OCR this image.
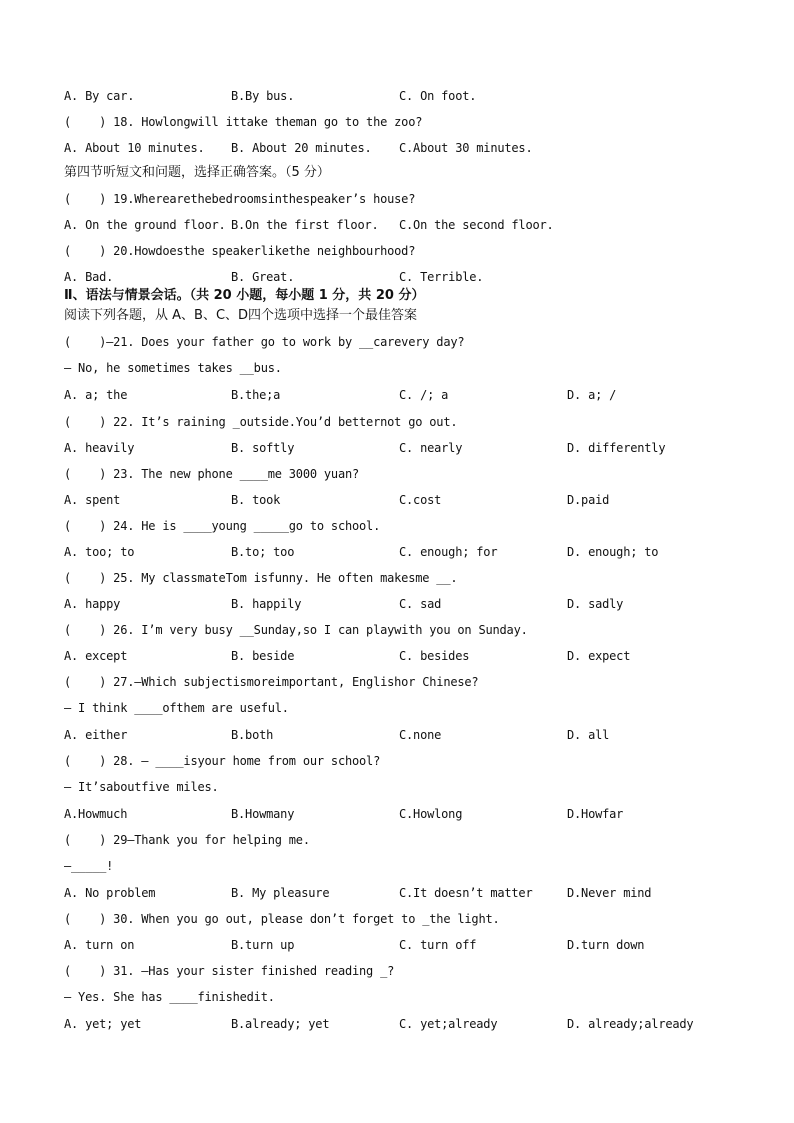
A. By car.

	B.By bus.

	C. On foot.

(    ) 18. Howlongwill ittake theman go to the zoo?

A. About 10 minutes.

B. About 20 minutes.

C.About 30 minutes.

第四节听短文和问题，选择正确答案。（5 分）
(    ) 19.Wherearethebedroomsinthespeaker’s house?

A. On the ground floor.

B.On the first floor.

C.On the second floor.

(    ) 20.Howdoesthe speakerlikethe neighbourhood?

A. Bad.

	B. Great.

	C. Terrible.

Ⅱ、语法与情景会话。（共 20 小题，每小题 1 分，共 20 分）
阅读下列各题，从 A、B、C、D四个选项中选择一个最佳答案
(    )—21. Does your father go to work by __carevery day?
— No, he sometimes takes __bus.

A. a; the

	B.the;a

	C. /; a

	D. a; /

(    ) 22. It’s raining _outside.You’d betternot go out.

A. heavily

	B. softly

	C. nearly

	D. differently

(    ) 23. The new phone ____me 3000 yuan?

A. spent

	B. took

	C.cost

	D.paid

(    ) 24. He is ____young _____go to school.

A. too; to

	B.to; too

	C. enough; for

	D. enough; to

(    ) 25. My classmateTom isfunny. He often makesme __.

A. happy

	B. happily

	C. sad

	D. sadly

(    ) 26. I’m very busy __Sunday,so I can playwith you on Sunday.

A. except

	B. beside

	C. besides

	D. expect

(    ) 27.—Which subjectismoreimportant, Englishor Chinese?
— I think ____ofthem are useful.

A. either

	B.both

	C.none

	D. all

(    ) 28. — ____isyour home from our school?
— It’saboutfive miles.

A.Howmuch

	B.Howmany

	C.Howlong

	D.Howfar

(    ) 29—Thank you for helping me.
—_____!

A. No problem

	B. My pleasure

	C.It doesn’t matter

	D.Never mind

(    ) 30. When you go out, please don’t forget to _the light.

A. turn on

	B.turn up

	C. turn off

	D.turn down

(    ) 31. —Has your sister finished reading _?
— Yes. She has ____finishedit.

A. yet; yet

	B.already; yet

	C. yet;already

	D. already;already
